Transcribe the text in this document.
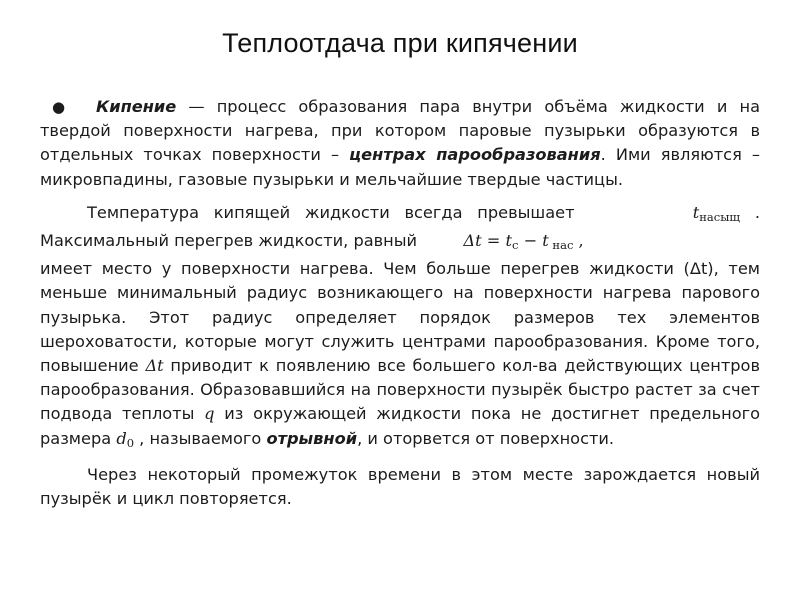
Теплоотдача при кипячении

● Кипение — процесс образования пара внутри объёма жидкости и на твердой поверхности нагрева, при котором паровые пузырьки образуются в отдельных точках поверхности – центрах парообразования. Ими являются – микровпадины, газовые пузырьки и мельчайшие твердые частицы.

Температура кипящей жидкости всегда превышает	$t_{насыщ}$ .
Максимальный перегрев жидкости, равный	$\Delta t = t_c - t$ $_{нас}$ ,
имеет место у поверхности нагрева. Чем больше перегрев жидкости (Δt), тем меньше минимальный радиус возникающего на поверхности нагрева парового пузырька. Этот радиус определяет порядок размеров тех элементов шероховатости, которые могут служить центрами парообразования. Кроме того, повышение Δt приводит к появлению все большего кол-ва действующих центров парообразования. Образовавшийся на поверхности пузырёк быстро растет за счет подвода теплоты q из окружающей жидкости пока не достигнет предельного размера $d_0$ , называемого отрывной, и оторвется от поверхности.

Через некоторый промежуток времени в этом месте зарождается новый пузырёк и цикл повторяется.
